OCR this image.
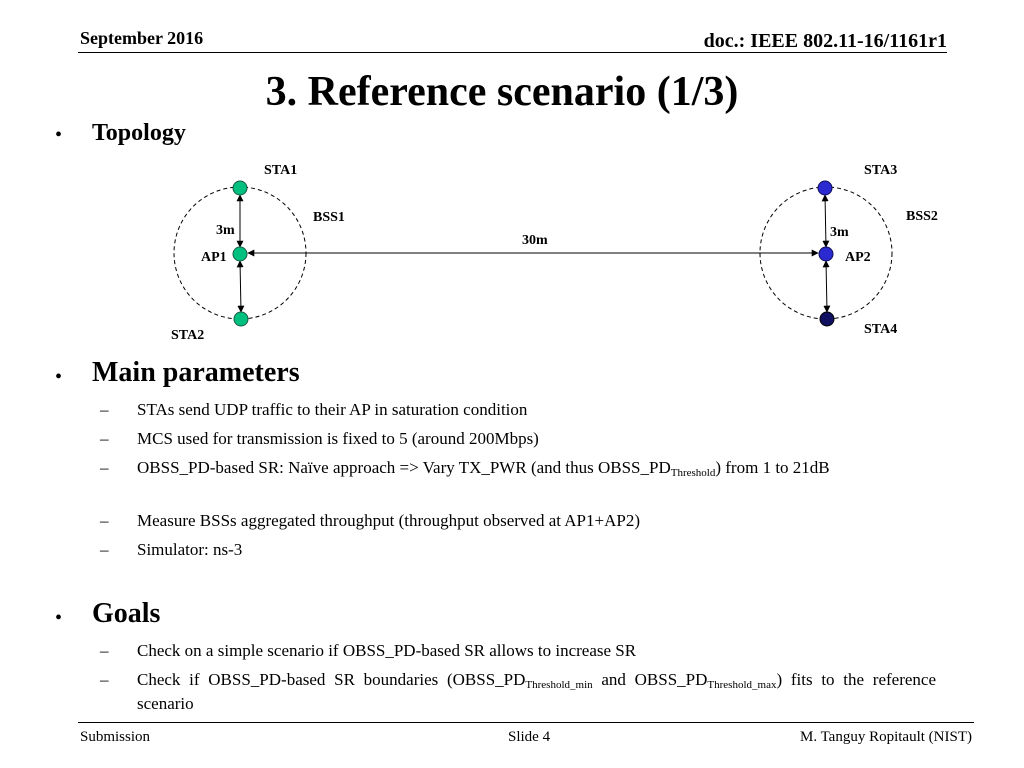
September 2016	doc.: IEEE 802.11-16/1161r1
3. Reference scenario (1/3)
• Topology
STA1
BSS1
3m
AP1
STA2
30m
STA3
BSS2
3m
AP2
STA4
• Main parameters
– STAs send UDP traffic to their AP in saturation condition
– MCS used for transmission is fixed to 5 (around 200Mbps)
– OBSS_PD-based SR: Naïve approach => Vary TX_PWR (and thus $OBSS\_PD_{Threshold}$) from 1 to 21dB
– Measure BSSs aggregated throughput (throughput observed at AP1+AP2)
– Simulator: ns-3
• Goals
– Check on a simple scenario if OBSS_PD-based SR allows to increase SR
– Check if OBSS_PD-based SR boundaries ($OBSS\_PD_{Threshold\_min}$ and $OBSS\_PD_{Threshold\_max}$) fits to the reference scenario
Submission	Slide 4	M. Tanguy Ropitault (NIST)
